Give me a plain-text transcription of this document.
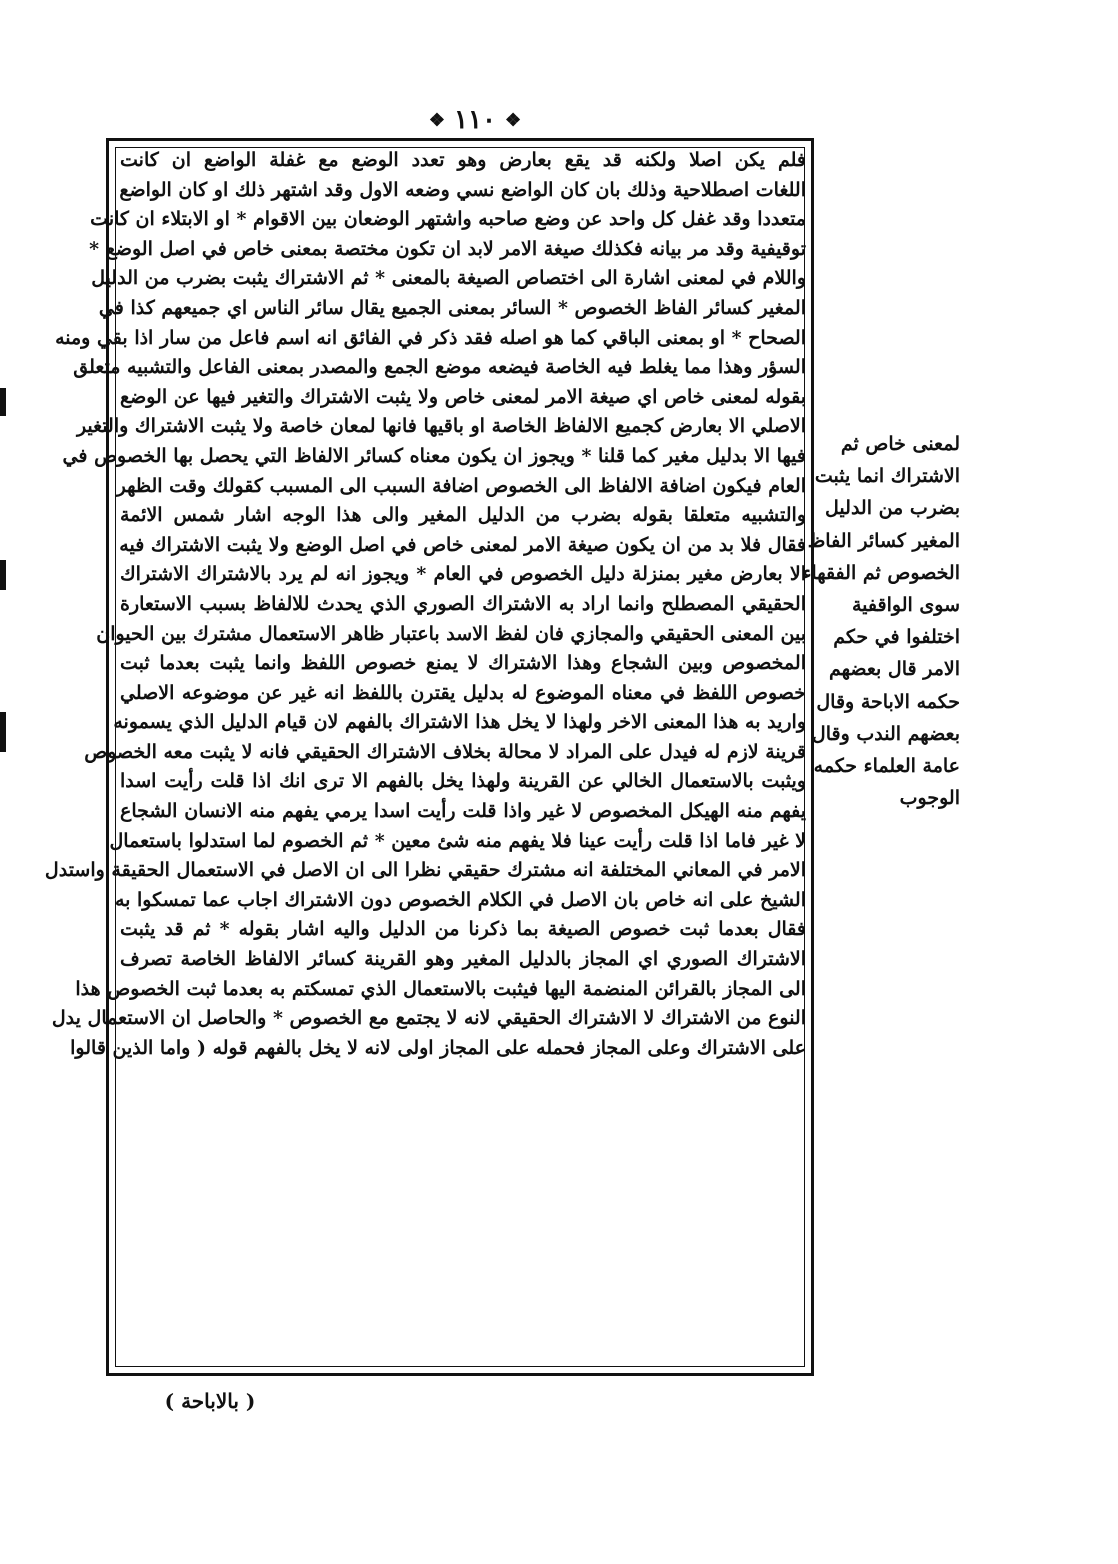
❖ ١١٠ ❖
فلم يكن اصلا ولكنه قد يقع بعارض وهو تعدد الوضع مع غفلة الواضع ان كانت
اللغات اصطلاحية وذلك بان كان الواضع نسي وضعه الاول وقد اشتهر ذلك او كان الواضع
متعددا وقد غفل كل واحد عن وضع صاحبه واشتهر الوضعان بين الاقوام * او الابتلاء ان كانت
توقيفية وقد مر بيانه فكذلك صيغة الامر لابد ان تكون مختصة بمعنى خاص في اصل الوضع *
واللام في لمعنى اشارة الى اختصاص الصيغة بالمعنى * ثم الاشتراك يثبت بضرب من الدليل
المغير كسائر الفاظ الخصوص * السائر بمعنى الجميع يقال سائر الناس اي جميعهم كذا في
الصحاح * او بمعنى الباقي كما هو اصله فقد ذكر في الفائق انه اسم فاعل من سار اذا بقي ومنه
السؤر وهذا مما يغلط فيه الخاصة فيضعه موضع الجمع والمصدر بمعنى الفاعل والتشبيه متعلق
بقوله لمعنى خاص اي صيغة الامر لمعنى خاص ولا يثبت الاشتراك والتغير فيها عن الوضع
الاصلي الا بعارض كجميع الالفاظ الخاصة او باقيها فانها لمعان خاصة ولا يثبت الاشتراك والتغير
فيها الا بدليل مغير كما قلنا * ويجوز ان يكون معناه كسائر الالفاظ التي يحصل بها الخصوص في
العام فيكون اضافة الالفاظ الى الخصوص اضافة السبب الى المسبب كقولك وقت الظهر
والتشبيه متعلقا بقوله بضرب من الدليل المغير والى هذا الوجه اشار شمس الائمة
فقال فلا بد من ان يكون صيغة الامر لمعنى خاص في اصل الوضع ولا يثبت الاشتراك فيه
الا بعارض مغير بمنزلة دليل الخصوص في العام * ويجوز انه لم يرد بالاشتراك الاشتراك
الحقيقي المصطلح وانما اراد به الاشتراك الصوري الذي يحدث للالفاظ بسبب الاستعارة
بين المعنى الحقيقي والمجازي فان لفظ الاسد باعتبار ظاهر الاستعمال مشترك بين الحيوان
المخصوص وبين الشجاع وهذا الاشتراك لا يمنع خصوص اللفظ وانما يثبت بعدما ثبت
خصوص اللفظ في معناه الموضوع له بدليل يقترن باللفظ انه غير عن موضوعه الاصلي
واريد به هذا المعنى الاخر ولهذا لا يخل هذا الاشتراك بالفهم لان قيام الدليل الذي يسمونه
قرينة لازم له فيدل على المراد لا محالة بخلاف الاشتراك الحقيقي فانه لا يثبت معه الخصوص
ويثبت بالاستعمال الخالي عن القرينة ولهذا يخل بالفهم الا ترى انك اذا قلت رأيت اسدا
يفهم منه الهيكل المخصوص لا غير واذا قلت رأيت اسدا يرمي يفهم منه الانسان الشجاع
لا غير فاما اذا قلت رأيت عينا فلا يفهم منه شئ معين * ثم الخصوم لما استدلوا باستعمال
الامر في المعاني المختلفة انه مشترك حقيقي نظرا الى ان الاصل في الاستعمال الحقيقة واستدل
الشيخ على انه خاص بان الاصل في الكلام الخصوص دون الاشتراك اجاب عما تمسكوا به
فقال بعدما ثبت خصوص الصيغة بما ذكرنا من الدليل واليه اشار بقوله * ثم قد يثبت
الاشتراك الصوري اي المجاز بالدليل المغير وهو القرينة كسائر الالفاظ الخاصة تصرف
الى المجاز بالقرائن المنضمة اليها فيثبت بالاستعمال الذي تمسكتم به بعدما ثبت الخصوص هذا
النوع من الاشتراك لا الاشتراك الحقيقي لانه لا يجتمع مع الخصوص * والحاصل ان الاستعمال يدل
على الاشتراك وعلى المجاز فحمله على المجاز اولى لانه لا يخل بالفهم قوله ( واما الذين قالوا
لمعنى خاص ثم
الاشتراك انما يثبت
بضرب من الدليل
المغير كسائر الفاظ
الخصوص ثم الفقهاء
سوى الواقفية
اختلفوا في حكم
الامر قال بعضهم
حكمه الاباحة وقال
بعضهم الندب وقال
عامة العلماء حكمه
الوجوب
( بالاباحة )
